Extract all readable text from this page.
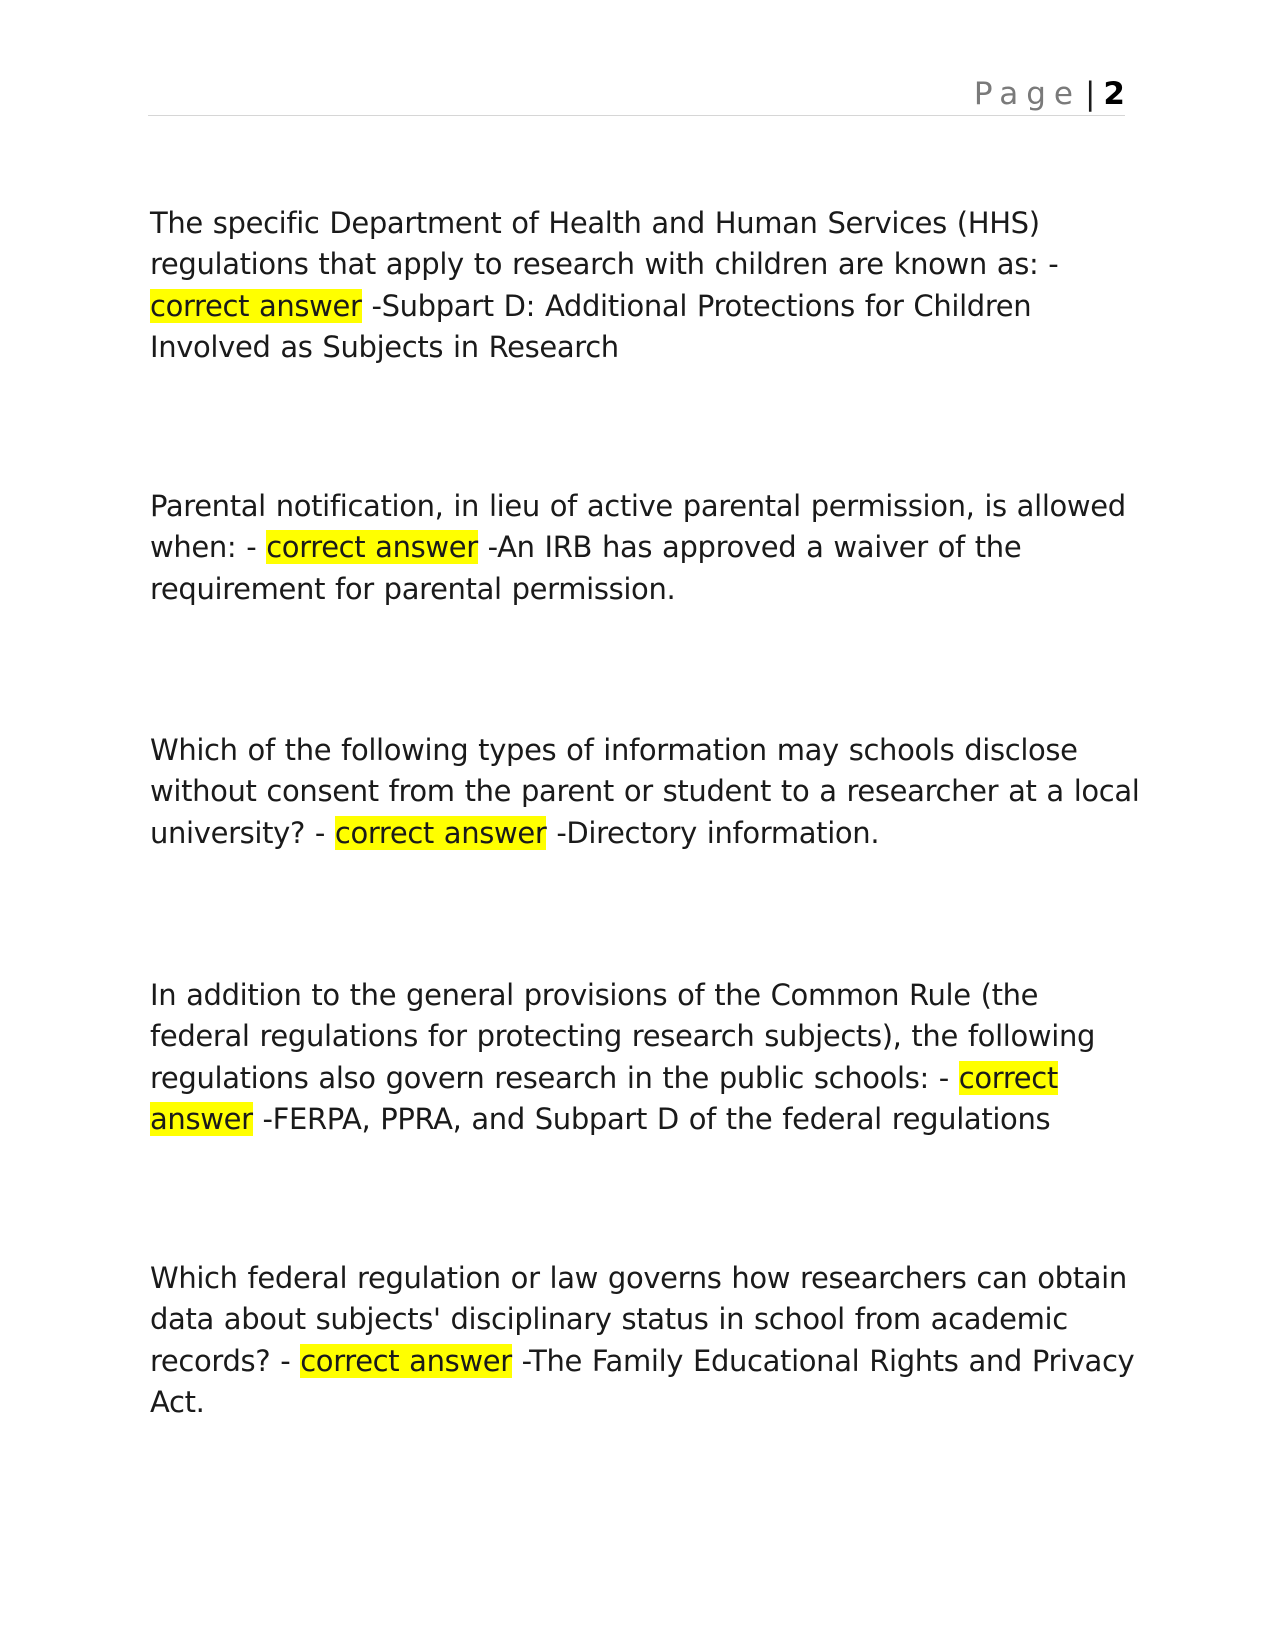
Page | 2

The specific Department of Health and Human Services (HHS) regulations that apply to research with children are known as: - correct answer -Subpart D: Additional Protections for Children Involved as Subjects in Research

Parental notification, in lieu of active parental permission, is allowed when: - correct answer -An IRB has approved a waiver of the requirement for parental permission.

Which of the following types of information may schools disclose without consent from the parent or student to a researcher at a local university? - correct answer -Directory information.

In addition to the general provisions of the Common Rule (the federal regulations for protecting research subjects), the following regulations also govern research in the public schools: - correct answer -FERPA, PPRA, and Subpart D of the federal regulations

Which federal regulation or law governs how researchers can obtain data about subjects' disciplinary status in school from academic records? - correct answer -The Family Educational Rights and Privacy Act.
